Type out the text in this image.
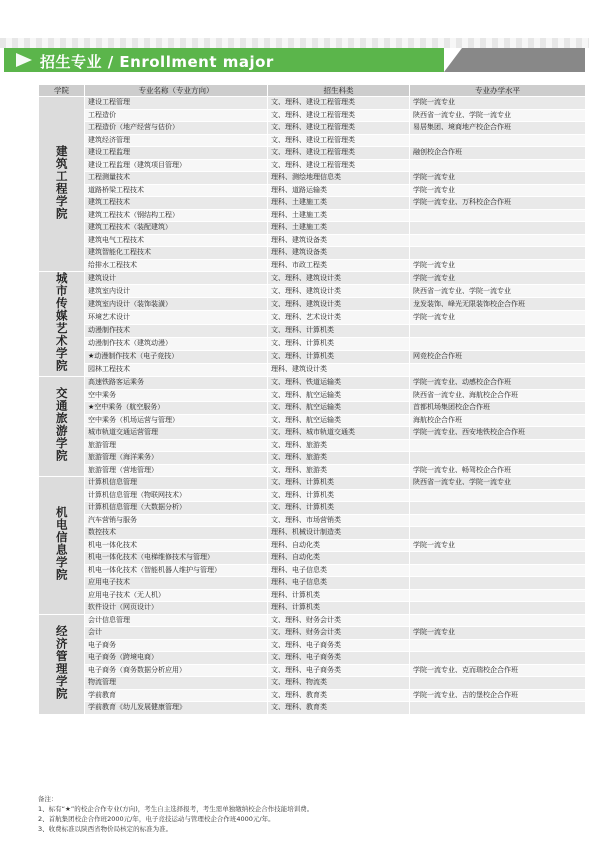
招生专业 / Enrollment major
学院	专业名称（专业方向）	招生科类	专业办学水平
建筑工程学院	建设工程管理	文、理科、建设工程管理类	学院一流专业
	工程造价	文、理科、建设工程管理类	陕西省一流专业、学院一流专业
	工程造价（地产经营与估价）	文、理科、建设工程管理类	易居集团、境商地产校企合作班
	建筑经济管理	文、理科、建设工程管理类	
	建设工程监理	文、理科、建设工程管理类	融创校企合作班
	建设工程监理（建筑项目管理）	文、理科、建设工程管理类	
	工程测量技术	理科、测绘地理信息类	学院一流专业
	道路桥梁工程技术	理科、道路运输类	学院一流专业
	建筑工程技术	理科、土建施工类	学院一流专业、万科校企合作班
	建筑工程技术（钢结构工程）	理科、土建施工类	
	建筑工程技术（装配建筑）	理科、土建施工类	
	建筑电气工程技术	理科、建筑设备类	
	建筑智能化工程技术	理科、建筑设备类	
	给排水工程技术	理科、市政工程类	学院一流专业
城市传媒艺术学院	建筑设计	文、理科、建筑设计类	学院一流专业
	建筑室内设计	文、理科、建筑设计类	陕西省一流专业、学院一流专业
	建筑室内设计（装饰装潢）	文、理科、建筑设计类	龙发装饰、峰光无限装饰校企合作班
	环境艺术设计	文、理科、艺术设计类	学院一流专业
	动漫制作技术	文、理科、计算机类	
	动漫制作技术（建筑动漫）	文、理科、计算机类	
	★动漫制作技术（电子竞技）	文、理科、计算机类	网竞校企合作班
	园林工程技术	理科、建筑设计类	
交通旅游学院	高速铁路客运乘务	文、理科、铁道运输类	学院一流专业、动感校企合作班
	空中乘务	文、理科、航空运输类	陕西省一流专业、海航校企合作班
	★空中乘务（航空服务）	文、理科、航空运输类	首都机场集团校企合作班
	空中乘务（机场运营与管理）	文、理科、航空运输类	海航校企合作班
	城市轨道交通运营管理	文、理科、城市轨道交通类	学院一流专业、西安地铁校企合作班
	旅游管理	文、理科、旅游类	
	旅游管理（海洋乘务）	文、理科、旅游类	
	旅游管理（营地管理）	文、理科、旅游类	学院一流专业、畅驾校企合作班
机电信息学院	计算机信息管理	文、理科、计算机类	陕西省一流专业、学院一流专业
	计算机信息管理（物联网技术）	文、理科、计算机类	
	计算机信息管理（大数据分析）	文、理科、计算机类	
	汽车营销与服务	文、理科、市场营销类	
	数控技术	理科、机械设计制造类	
	机电一体化技术	理科、自动化类	学院一流专业
	机电一体化技术（电梯维修技术与管理）	理科、自动化类	
	机电一体化技术（智能机器人维护与管理）	理科、电子信息类	
	应用电子技术	理科、电子信息类	
	应用电子技术（无人机）	理科、计算机类	
	软件设计（网页设计）	理科、计算机类	
经济管理学院	会计信息管理	文、理科、财务会计类	
	会计	文、理科、财务会计类	学院一流专业
	电子商务	文、理科、电子商务类	
	电子商务（跨境电商）	文、理科、电子商务类	
	电子商务（商务数据分析应用）	文、理科、电子商务类	学院一流专业、克而瑞校企合作班
	物流管理	文、理科、物流类	
	学前教育	文、理科、教育类	学院一流专业、吉的堡校企合作班
	学前教育《幼儿发展健康管理》	文、理科、教育类	
备注：
1、标有“★”的校企合作专业(方向)，考生自主选择报考，考生需单独缴纳校企合作技能培训费。
2、首航集团校企合作班2000元/年，电子竞技运动与管理校企合作班4000元/年。
3、收费标准以陕西省物价局核定的标准为准。
